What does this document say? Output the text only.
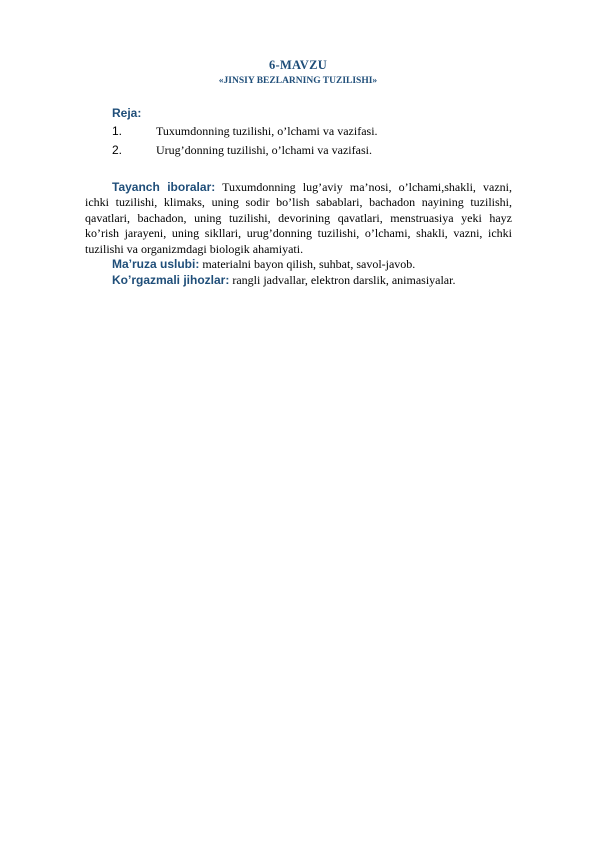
6-MAVZU
«JINSIY BEZLARNING TUZILISHI»
Reja:
1.	Tuxumdonning tuzilishi, o’lchami va vazifasi.
2.	Urug’donning tuzilishi, o’lchami va vazifasi.
Tayanch iboralar: Tuxumdonning lug’aviy ma’nosi, o’lchami,shakli, vazni, ichki tuzilishi, klimaks, uning sodir bo’lish sabablari, bachadon nayining tuzilishi, qavatlari, bachadon, uning tuzilishi, devorining qavatlari, menstruasiya yeki hayz ko’rish jarayeni, uning sikllari, urug’donning tuzilishi, o’lchami, shakli, vazni, ichki tuzilishi va organizmdagi biologik ahamiyati.
Ma’ruza uslubi: materialni bayon qilish, suhbat, savol-javob.
Ko’rgazmali jihozlar: rangli jadvallar, elektron darslik, animasiyalar.
